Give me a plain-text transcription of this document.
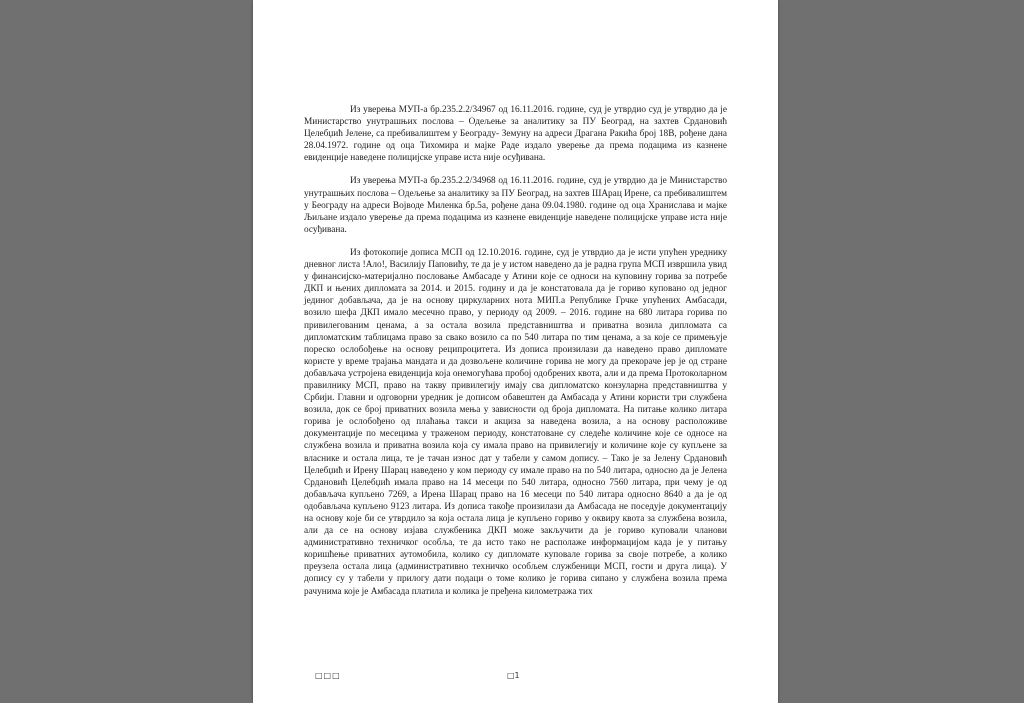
Из уверења МУП-а бр.235.2.2/34967 од 16.11.2016. године, суд је утврдио суд је утврдио да је Министарство унутрашњих послова – Одељење за аналитику за ПУ Београд, на захтев Срдановић Целебџић Јелене, са пребивалиштем у Београду- Земуну на адреси Драгана Ракића број 18В, рођене дана 28.04.1972. године од оца Тихомира и мајке Раде издало уверење да према подацима из казнене евиденције наведене полицијске управе иста није осуђивана.

Из уверења МУП-а бр.235.2.2/34968 од 16.11.2016. године, суд је утврдио да је Министарство унутрашњих послова – Одељење за аналитику за ПУ Београд, на захтев ШАрац Ирене, са пребивалиштем у Београду на адреси Војводе Миленка бр.5а, рођене дана 09.04.1980. године од оца Хранислава и мајке Љиљане издало уверење да према подацима из казнене евиденције наведене полицијске управе иста није осуђивана.

Из фотокопије дописа МСП од 12.10.2016. године, суд је утврдио да је исти упућен уреднику дневног листа !Ало!, Василију Паповићу, те да је у истом наведено да је радна група МСП извршила увид у финансијско-материјално пословање Амбасаде у Атини које се односи на куповину горива за потребе ДКП и њених дипломата за 2014. и 2015. годину и да је констатовала да је гориво куповано од једног јединог добављача, да је на основу циркуларних нота МИП.а Републике Грчке упућених Амбасади, возило шефа ДКП имало месечно право, у периоду од 2009. – 2016. године на 680 литара горива по привилегованим ценама, а за остала возила представништва и приватна возила дипломата са дипломатским таблицама право за свако возило са по 540 литара по тим ценама, а за које се примењује пореско ослобођење на основу реципроцитета. Из дописа произилази да наведено право дипломате користе у време трајања мандата и да дозвољене количине горива не могу да прекораче јер је од стране добављача устројена евиденција која онемогућава пробој одобрених квота, али и да према Протоколарном правилнику МСП, право на такву привилегију имају сва дипломатско конзуларна представништва у Србији. Главни и одговорни уредник је дописом обавештен да Амбасада у Атини користи три службена возила, док се број приватних возила мења у зависности од броја дипломата. На питање колико литара горива је ослобођено од плаћања такси и акциза за наведена возила, а на основу расположиве документације по месецима у траженом периоду, констатоване су следеће количине које се односе на службена возила и приватна возила која су имала право на привилегију и количине које су купљене за власнике и остала лица, те је тачан износ дат у табели у самом допису. – Тако је за Јелену Срдановић Целебџић и Ирену Шарац наведено у ком периоду су имале право на по 540 литара, односно да је Јелена Срдановић Целебџић имала право на 14 месеци по 540 литара, односно 7560 литара, при чему је од добављача купљено 7269, а Ирена Шарац право на 16 месеци по 540 литара односно 8640 а да је од одобављача купљено 9123 литара. Из дописа такође произилази да Амбасада не поседује документацију на основу које би се утврдило за која остала лица је купљено гориво у оквиру квота за службена возила, али да се на основу изјава службеника ДКП може закључити да је гориво куповали чланови административно техничког особља, те да исто тако не располаже информацијом када је у питању коришћење приватних аутомобила, колико су дипломате куповале горива за своје потребе, а колико преузела остала лица (административно техничко особљем службеници МСП, гости и друга лица). У допису су у табели у прилогу дати подаци о томе колико је горива сипано у службена возила према рачунима које је Амбасада платила и колика је пређена километража тих

□□□	□1
